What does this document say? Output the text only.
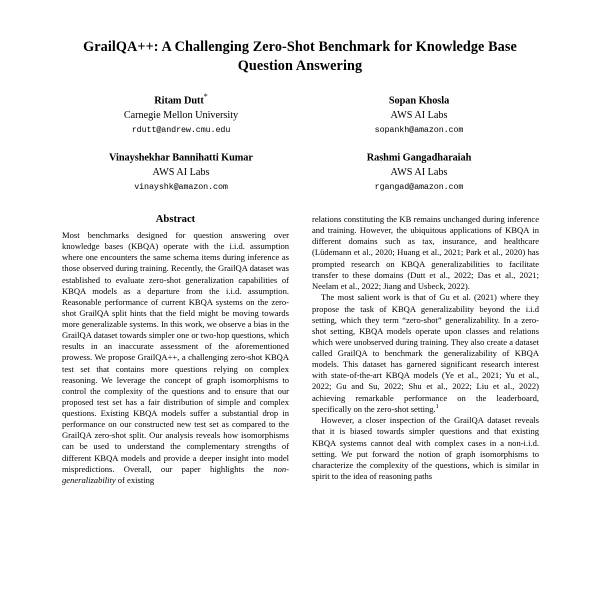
GrailQA++: A Challenging Zero-Shot Benchmark for Knowledge Base Question Answering
Ritam Dutt*
Carnegie Mellon University
rdutt@andrew.cmu.edu
Sopan Khosla
AWS AI Labs
sopankh@amazon.com
Vinayshekhar Bannihatti Kumar
AWS AI Labs
vinayshk@amazon.com
Rashmi Gangadharaiah
AWS AI Labs
rgangad@amazon.com
Abstract

Most benchmarks designed for question answering over knowledge bases (KBQA) operate with the i.i.d. assumption where one encounters the same schema items during inference as those observed during training. Recently, the GrailQA dataset was established to evaluate zero-shot generalization capabilities of KBQA models as a departure from the i.i.d. assumption. Reasonable performance of current KBQA systems on the zero-shot GrailQA split hints that the field might be moving towards more generalizable systems. In this work, we observe a bias in the GrailQA dataset towards simpler one or two-hop questions, which results in an inaccurate assessment of the aforementioned prowess. We propose GrailQA++, a challenging zero-shot KBQA test set that contains more questions relying on complex reasoning. We leverage the concept of graph isomorphisms to control the complexity of the questions and to ensure that our proposed test set has a fair distribution of simple and complex questions. Existing KBQA models suffer a substantial drop in performance on our constructed new test set as compared to the GrailQA zero-shot split. Our analysis reveals how isomorphisms can be used to understand the complementary strengths of different KBQA models and provide a deeper insight into model mispredictions. Overall, our paper highlights the non-generalizability of existing

relations constituting the KB remains unchanged during inference and training. However, the ubiquitous applications of KBQA in different domains such as tax, insurance, and healthcare (Lüdemann et al., 2020; Huang et al., 2021; Park et al., 2020) has prompted research on KBQA generalizabilities to facilitate transfer to these domains (Dutt et al., 2022; Das et al., 2021; Neelam et al., 2022; Jiang and Usbeck, 2022).

The most salient work is that of Gu et al. (2021) where they propose the task of KBQA generalizability beyond the i.i.d setting, which they term “zero-shot” generalizability. In a zero-shot setting, KBQA models operate upon classes and relations which were unobserved during training. They also create a dataset called GrailQA to benchmark the generalizability of KBQA models. This dataset has garnered significant research interest with state-of-the-art KBQA models (Ye et al., 2021; Yu et al., 2022; Gu and Su, 2022; Shu et al., 2022; Liu et al., 2022) achieving remarkable performance on the leaderboard, specifically on the zero-shot setting.$^1$

However, a closer inspection of the GrailQA dataset reveals that it is biased towards simpler questions and that existing KBQA systems cannot deal with complex cases in a non-i.i.d. setting. We put forward the notion of graph isomorphisms to characterize the complexity of the questions, which is similar in spirit to the idea of reasoning paths
